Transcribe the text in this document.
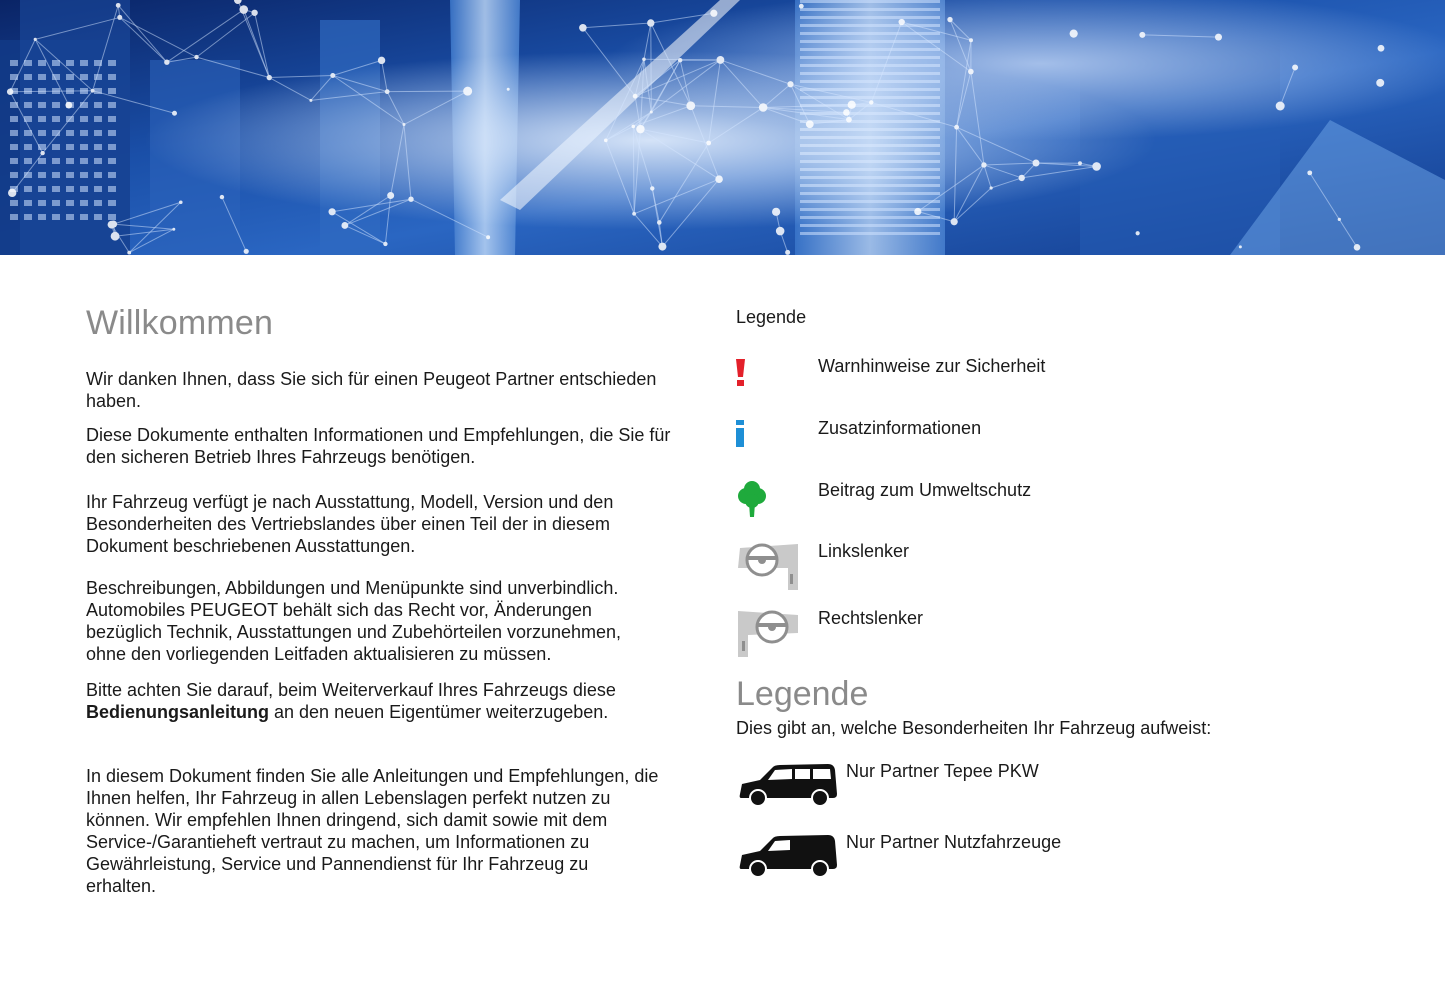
Willkommen

Wir danken Ihnen, dass Sie sich für einen Peugeot Partner entschieden haben.

Diese Dokumente enthalten Informationen und Empfehlungen, die Sie für den sicheren Betrieb Ihres Fahrzeugs benötigen.

Ihr Fahrzeug verfügt je nach Ausstattung, Modell, Version und den Besonderheiten des Vertriebslandes über einen Teil der in diesem Dokument beschriebenen Ausstattungen.

Beschreibungen, Abbildungen und Menüpunkte sind unverbindlich. Automobiles PEUGEOT behält sich das Recht vor, Änderungen bezüglich Technik, Ausstattungen und Zubehörteilen vorzunehmen, ohne den vorliegenden Leitfaden aktualisieren zu müssen.

Bitte achten Sie darauf, beim Weiterverkauf Ihres Fahrzeugs diese Bedienungsanleitung an den neuen Eigentümer weiterzugeben.

In diesem Dokument finden Sie alle Anleitungen und Empfehlungen, die Ihnen helfen, Ihr Fahrzeug in allen Lebenslagen perfekt nutzen zu können. Wir empfehlen Ihnen dringend, sich damit sowie mit dem Service-/Garantieheft vertraut zu machen, um Informationen zu Gewährleistung, Service und Pannendienst für Ihr Fahrzeug zu erhalten.

Legende
Warnhinweise zur Sicherheit
Zusatzinformationen
Beitrag zum Umweltschutz
Linkslenker
Rechtslenker
Legende
Dies gibt an, welche Besonderheiten Ihr Fahrzeug aufweist:
Nur Partner Tepee PKW
Nur Partner Nutzfahrzeuge
